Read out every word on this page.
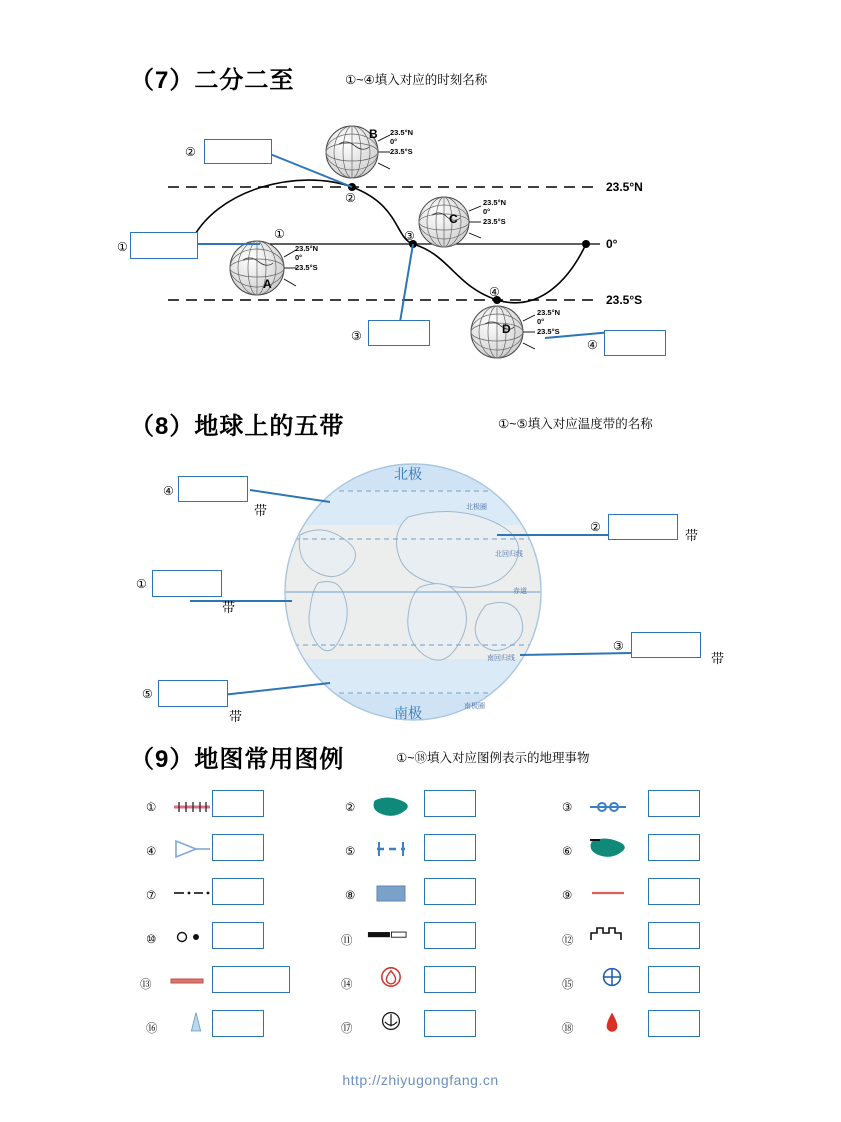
（7）二分二至	①~④填入对应的时刻名称
B
A
C
D
23.5°N
0°
23.5°S
23.5°N
0°
23.5°S
23.5°N
0°
23.5°S
23.5°N
0°
23.5°S
②
①	③
④
23.5°N
0°
23.5°S
②
①
③
④
（8）地球上的五带	①~⑤填入对应温度带的名称
北极圈
北回归线
赤道
南回归线
南极圈
北极
南极
④
带
②
带
①
带
③
带
⑤
带
（9）地图常用图例	①~⑱填入对应图例表示的地理事物
①	②	③
④	⑤	⑥
⑦	⑧	⑨
⑩	⑪	⑫
⑬	⑭	⑮
⑯	⑰	⑱
http://zhiyugongfang.cn
